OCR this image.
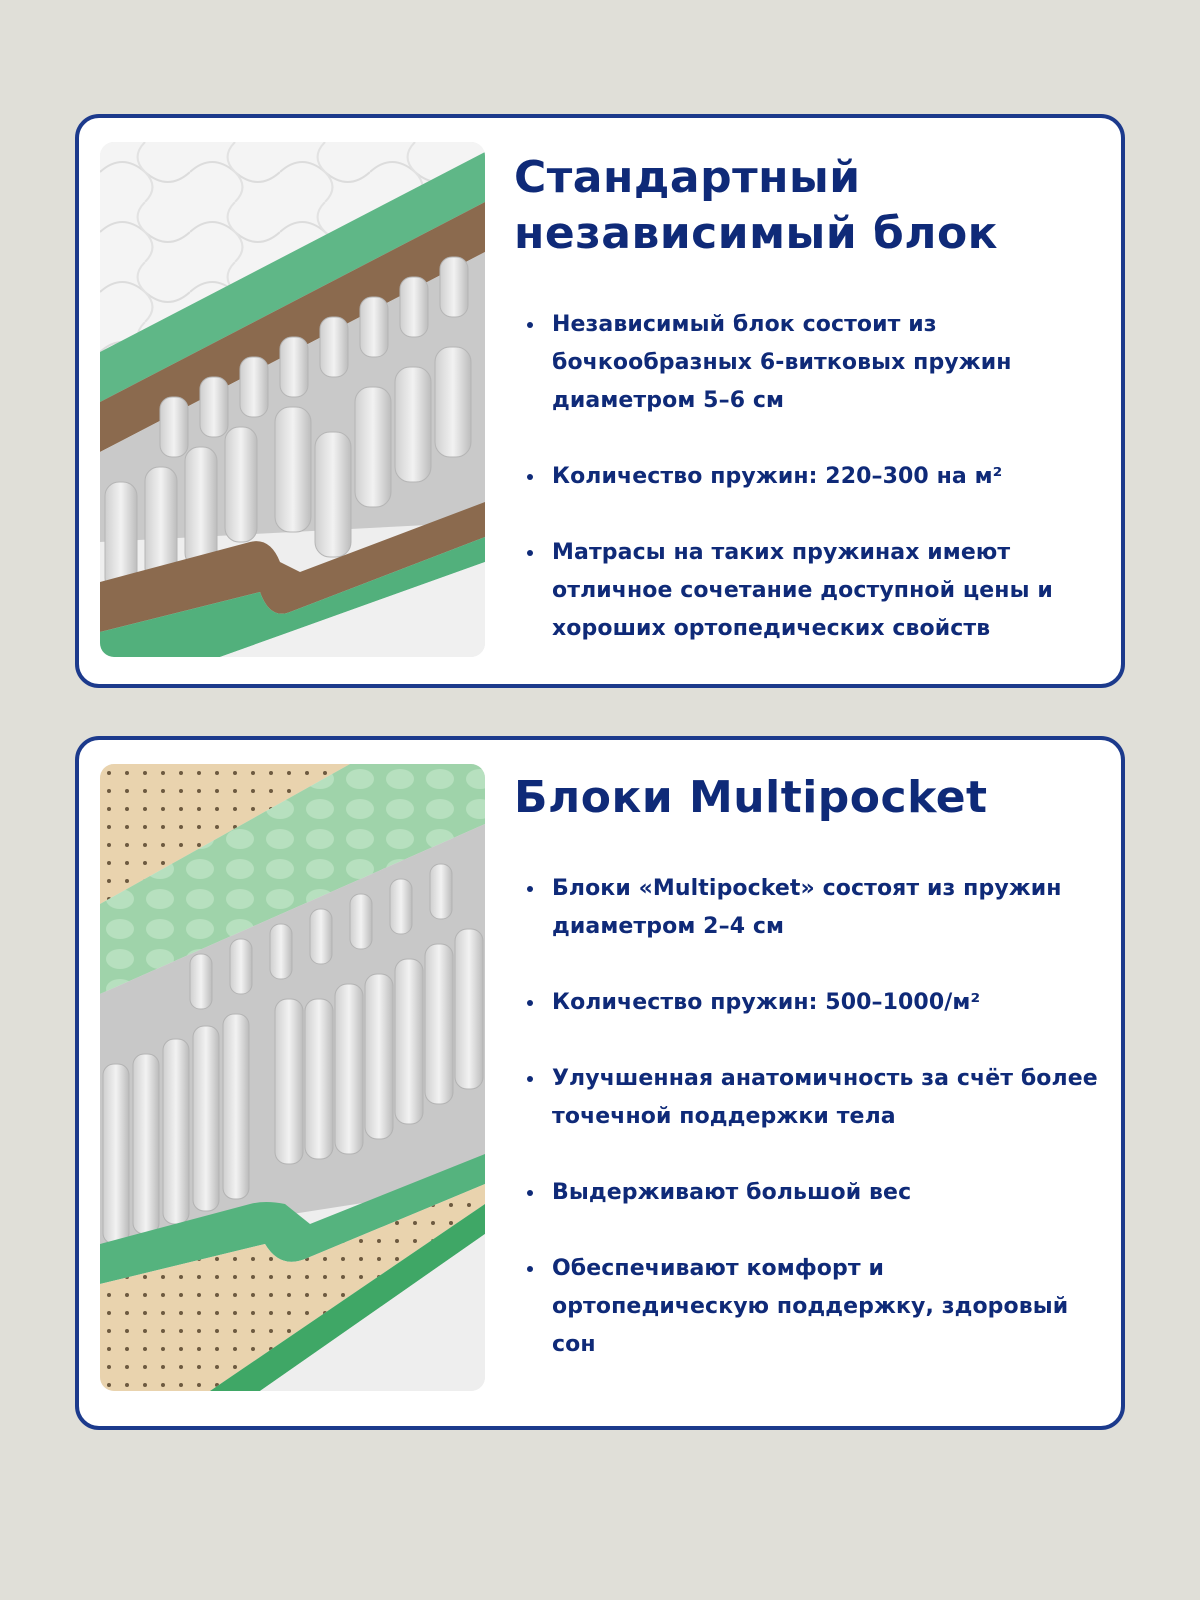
Стандартный
независимый блок
Независимый блок состоит из бочкообразных 6-витковых пружин диаметром 5–6 см
Количество пружин: 220–300 на м²
Матрасы на таких пружинах имеют отличное сочетание доступной цены и хороших ортопедических свойств
Блоки Multipocket
Блоки «Multipocket» состоят из пружин диаметром 2–4 см
Количество пружин: 500–1000/м²
Улучшенная анатомичность за счёт более точечной поддержки тела
Выдерживают большой вес
Обеспечивают комфорт и ортопедическую поддержку, здоровый сон
